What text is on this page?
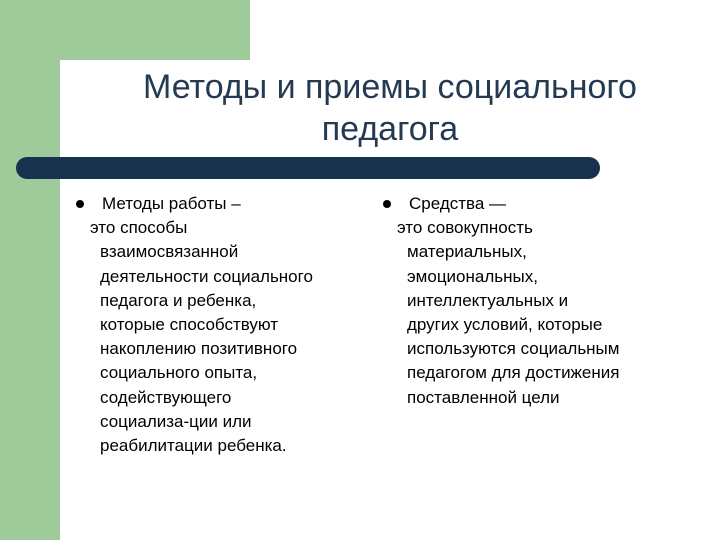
Методы и приемы социального
педагога
Методы работы –
это способы
взаимосвязанной
деятельности социального
педагога и ребенка,
которые способствуют
накоплению позитивного
социального опыта,
содействующего
социализа-ции или
реабилитации ребенка.
Средства —
это совокупность
материальных,
эмоциональных,
интеллектуальных и
других условий, которые
используются социальным
педагогом для достижения
поставленной цели
